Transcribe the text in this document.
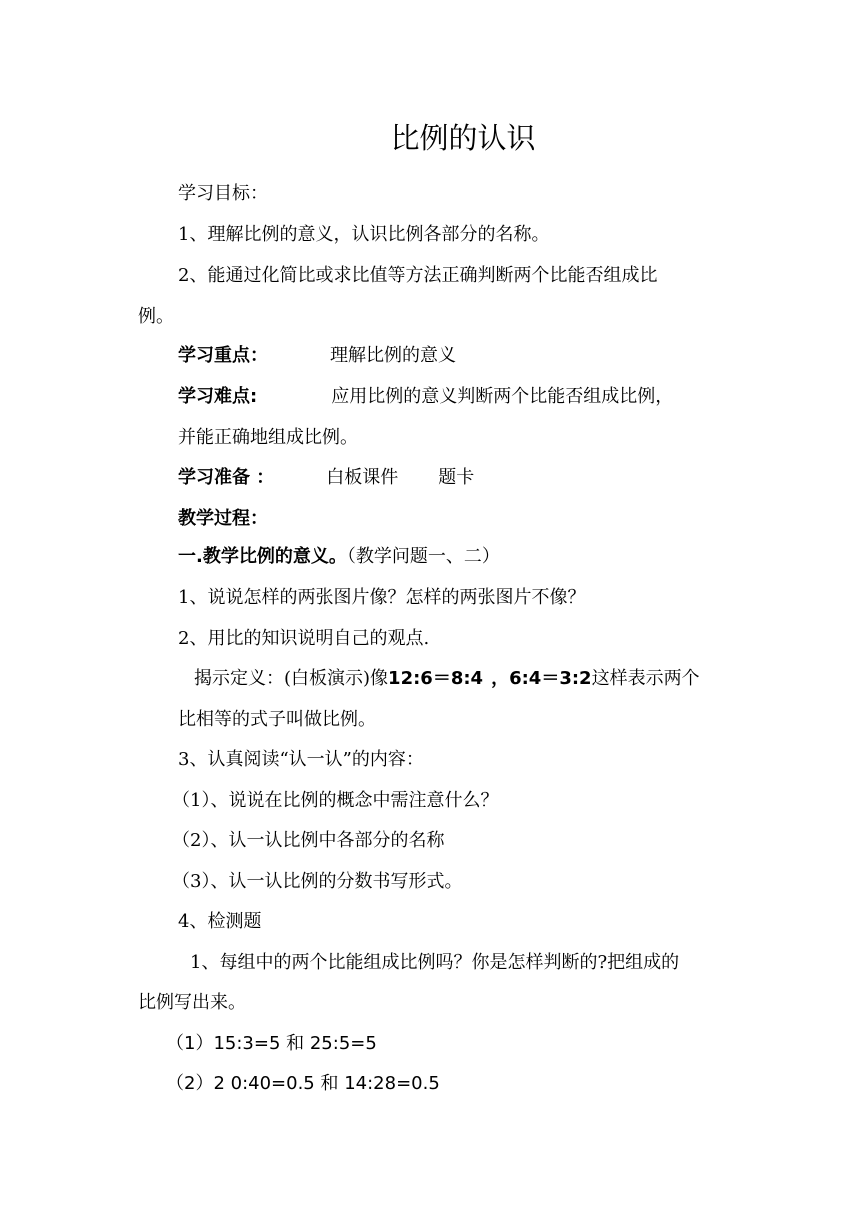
比例的认识
学习目标：
1、理解比例的意义，认识比例各部分的名称。
2、能通过化简比或求比值等方法正确判断两个比能否组成比
例。
学习重点：	理解比例的意义
学习难点:	应用比例的意义判断两个比能否组成比例，
并能正确地组成比例。
学习准备 ：	白板课件 题卡
教学过程：
一.教学比例的意义。（教学问题一、二）
1、说说怎样的两张图片像？怎样的两张图片不像？
2、用比的知识说明自己的观点.
揭示定义：(白板演示)像12:6＝8:4 ，6:4＝3:2这样表示两个
比相等的式子叫做比例。
3、认真阅读“认一认”的内容：
（1）、说说在比例的概念中需注意什么？
（2）、认一认比例中各部分的名称
（3）、认一认比例的分数书写形式。
4、检测题
1、每组中的两个比能组成比例吗？你是怎样判断的?把组成的
比例写出来。
（1）15:3=5 和 25:5=5
（2）2 0:40=0.5 和 14:28=0.5
